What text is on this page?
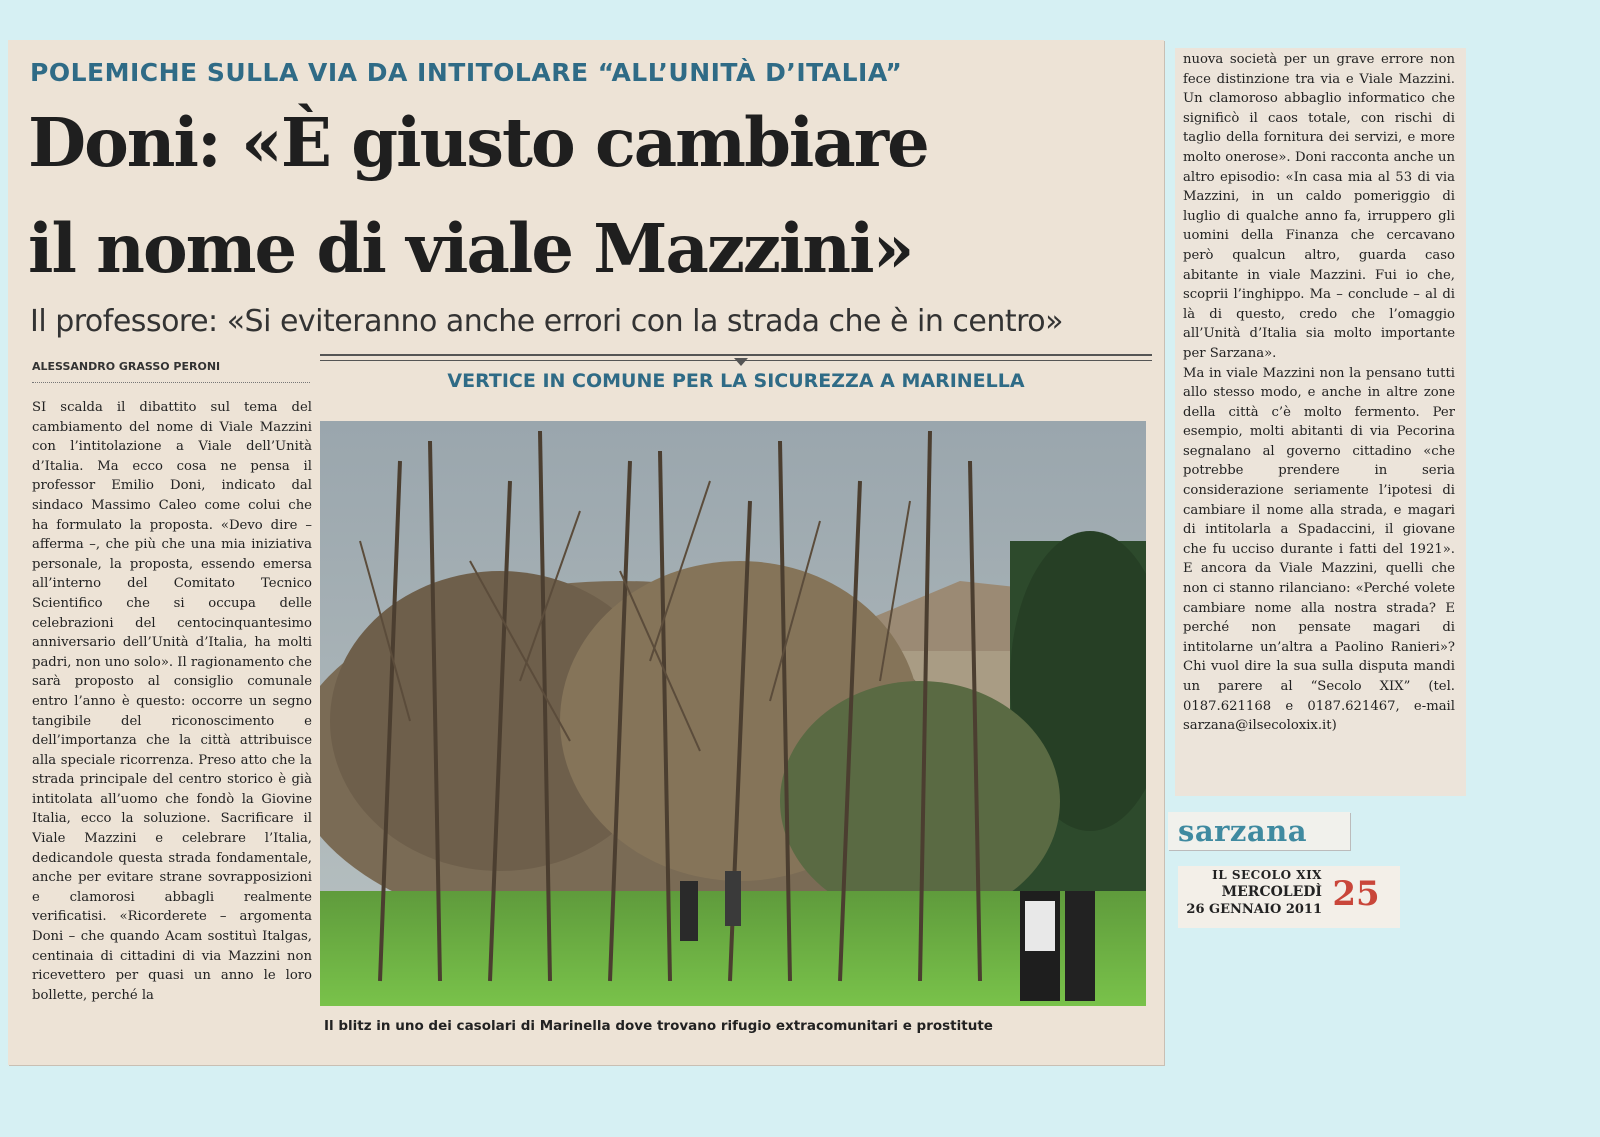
POLEMICHE SULLA VIA DA INTITOLARE “ALL’UNITÀ D’ITALIA”
Doni: «È giusto cambiare
il nome di viale Mazzini»
Il professore: «Si eviteranno anche errori con la strada che è in centro»
ALESSANDRO GRASSO PERONI
VERTICE IN COMUNE PER LA SICUREZZA A MARINELLA

SI scalda il dibattito sul tema del cambiamento del nome di Viale Mazzini con l’intitolazione a Viale dell’Unità d’Italia. Ma ecco cosa ne pensa il professor Emilio Doni, indicato dal sindaco Massimo Caleo come colui che ha formulato la proposta. «Devo dire – afferma –, che più che una mia iniziativa personale, la proposta, essendo emersa all’interno del Comitato Tecnico Scientifico che si occupa delle celebrazioni del centocinquantesimo anniversario dell’Unità d’Italia, ha molti padri, non uno solo». Il ragionamento che sarà proposto al consiglio comunale entro l’anno è questo: occorre un segno tangibile del riconoscimento e dell’importanza che la città attribuisce alla speciale ricorrenza. Preso atto che la strada principale del centro storico è già intitolata all’uomo che fondò la Giovine Italia, ecco la soluzione. Sacrificare il Viale Mazzini e celebrare l’Italia, dedicandole questa strada fondamentale, anche per evitare strane sovrapposizioni e clamorosi abbagli realmente verificatisi. «Ricorderete – argomenta Doni – che quando Acam sostituì Italgas, centinaia di cittadini di via Mazzini non ricevettero per quasi un anno le loro bollette, perché la

Il blitz in uno dei casolari di Marinella dove trovano rifugio extracomunitari e prostitute

nuova società per un grave errore non fece distinzione tra via e Viale Mazzini. Un clamoroso abbaglio informatico che significò il caos totale, con rischi di taglio della fornitura dei servizi, e more molto onerose». Doni racconta anche un altro episodio: «In casa mia al 53 di via Mazzini, in un caldo pomeriggio di luglio di qualche anno fa, irruppero gli uomini della Finanza che cercavano però qualcun altro, guarda caso abitante in viale Mazzini. Fui io che, scoprii l’inghippo. Ma – conclude – al di là di questo, credo che l’omaggio all’Unità d’Italia sia molto importante per Sarzana».

Ma in viale Mazzini non la pensano tutti allo stesso modo, e anche in altre zone della città c’è molto fermento. Per esempio, molti abitanti di via Pecorina segnalano al governo cittadino «che potrebbe prendere in seria considerazione seriamente l’ipotesi di cambiare il nome alla strada, e magari di intitolarla a Spadaccini, il giovane che fu ucciso durante i fatti del 1921». E ancora da Viale Mazzini, quelli che non ci stanno rilanciano: «Perché volete cambiare nome alla nostra strada? E perché non pensate magari di intitolarne un’altra a Paolino Ranieri»? Chi vuol dire la sua sulla disputa mandi un parere al “Secolo XIX” (tel. 0187.621168 e 0187.621467, e-mail sarzana@ilsecoloxix.it)

sarzana
IL SECOLO XIX
MERCOLEDÌ
26 GENNAIO 2011 25
